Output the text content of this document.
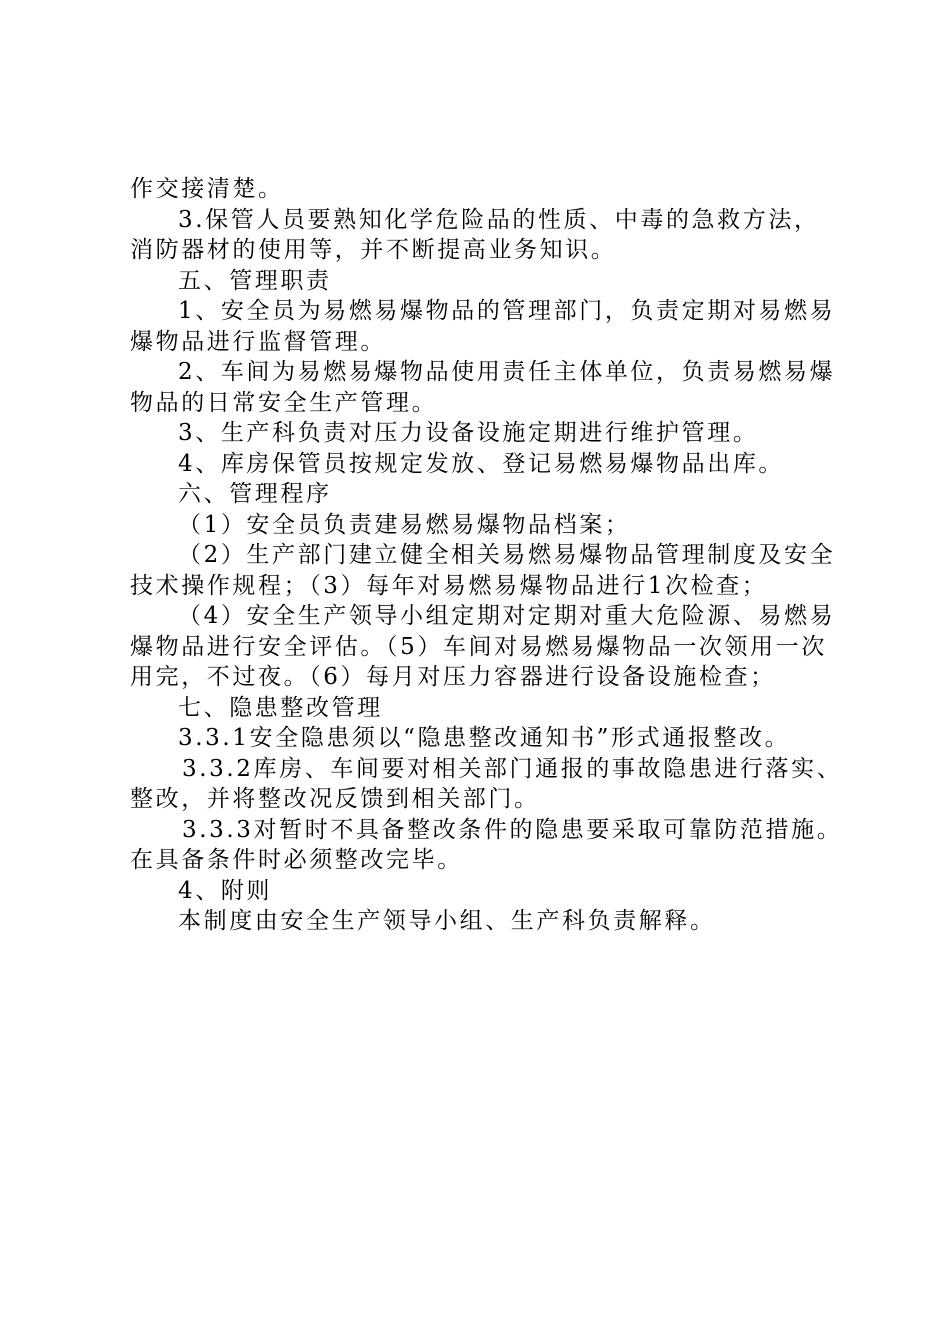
作交接清楚。
3.保管人员要熟知化学危险品的性质、中毒的急救方法，
消防器材的使用等，并不断提高业务知识。
五、管理职责
1、安全员为易燃易爆物品的管理部门，负责定期对易燃易
爆物品进行监督管理。
2、车间为易燃易爆物品使用责任主体单位，负责易燃易爆
物品的日常安全生产管理。
3、生产科负责对压力设备设施定期进行维护管理。
4、库房保管员按规定发放、登记易燃易爆物品出库。
六、管理程序
（1）安全员负责建易燃易爆物品档案；
（2）生产部门建立健全相关易燃易爆物品管理制度及安全
技术操作规程；（3）每年对易燃易爆物品进行1次检查；
（4）安全生产领导小组定期对定期对重大危险源、易燃易
爆物品进行安全评估。（5）车间对易燃易爆物品一次领用一次
用完，不过夜。（6）每月对压力容器进行设备设施检查；
七、隐患整改管理
3.3.1安全隐患须以“隐患整改通知书”形式通报整改。
3.3.2库房、车间要对相关部门通报的事故隐患进行落实、
整改，并将整改况反馈到相关部门。
3.3.3对暂时不具备整改条件的隐患要采取可靠防范措施。
在具备条件时必须整改完毕。
4、附则
本制度由安全生产领导小组、生产科负责解释。
